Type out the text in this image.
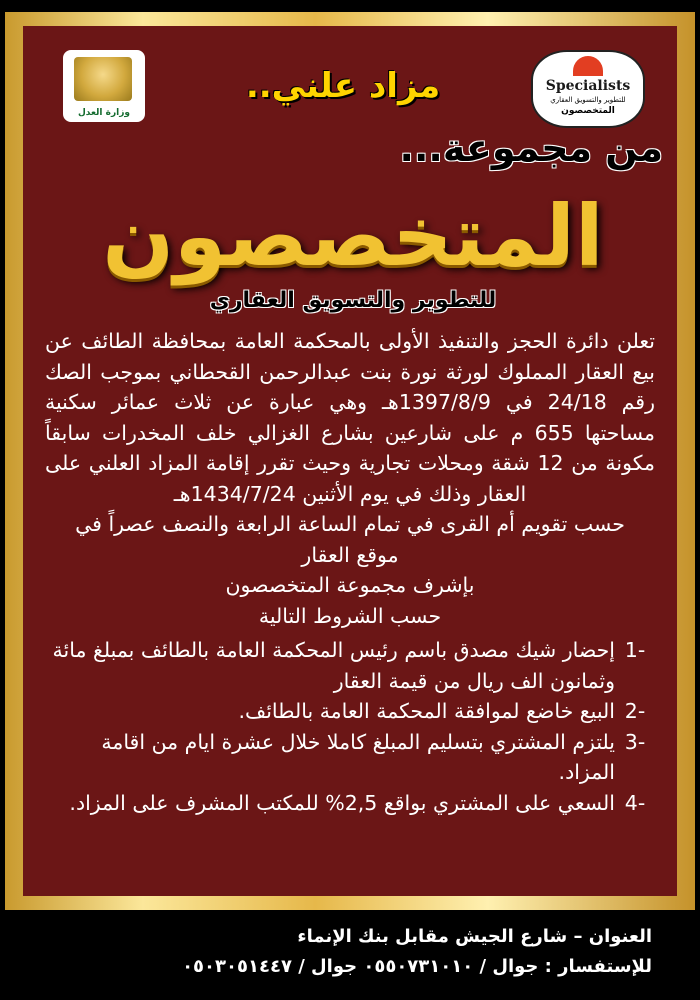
وزارة العدل
Specialists
للتطوير والتسويق العقاري
المتخصصون
مزاد علني..
من مجموعة...
المتخصصون
للتطوير والتسويق العقاري

تعلن دائرة الحجز والتنفيذ الأولى بالمحكمة العامة بمحافظة الطائف عن بيع العقار المملوك لورثة نورة بنت عبدالرحمن القحطاني بموجب الصك رقم 24/18 في 1397/8/9هـ وهي عبارة عن ثلاث عمائر سكنية مساحتها 655 م على شارعين بشارع الغزالي خلف المخدرات سابقاً مكونة من 12 شقة ومحلات تجارية وحيث تقرر إقامة المزاد العلني على العقار وذلك في يوم الأثنين 1434/7/24هـ

حسب تقويم أم القرى في تمام الساعة الرابعة والنصف عصراً في

موقع العقار

بإشرف مجموعة المتخصصون

حسب الشروط التالية

-1
إحضار شيك مصدق باسم رئيس المحكمة العامة بالطائف بمبلغ مائة وثمانون الف ريال من قيمة العقار
-2
البيع خاضع لموافقة المحكمة العامة بالطائف.
-3
يلتزم المشتري بتسليم المبلغ كاملا خلال عشرة ايام من اقامة المزاد.
-4
السعي على المشتري بواقع 2,5% للمكتب المشرف على المزاد.
العنوان – شارع الجيش مقابل بنك الإنماء
للإستفسار : جوال / ٠٥٥٠٧٣١٠١٠ جوال / ٠٥٠٣٠٥١٤٤٧
